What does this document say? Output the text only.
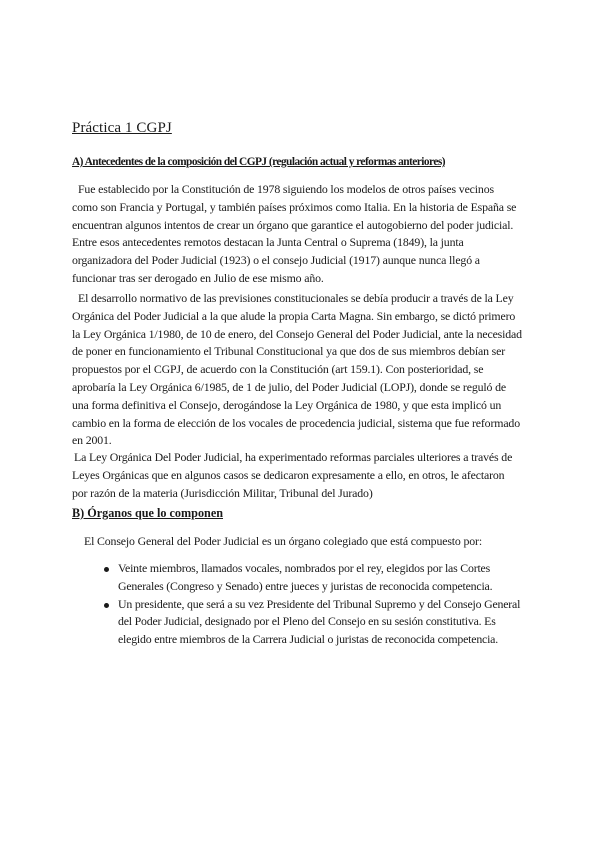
Práctica 1 CGPJ
A) Antecedentes de la composición del CGPJ (regulación actual y reformas anteriores)

Fue establecido por la Constitución de 1978 siguiendo los modelos de otros países vecinos como son Francia y Portugal, y también países próximos como Italia. En la historia de España se encuentran algunos intentos de crear un órgano que garantice el autogobierno del poder judicial. Entre esos antecedentes remotos destacan la Junta Central o Suprema (1849), la junta organizadora del Poder Judicial (1923) o el consejo Judicial (1917) aunque nunca llegó a funcionar tras ser derogado en Julio de ese mismo año.

El desarrollo normativo de las previsiones constitucionales se debía producir a través de la Ley Orgánica del Poder Judicial a la que alude la propia Carta Magna. Sin embargo, se dictó primero la Ley Orgánica 1/1980, de 10 de enero, del Consejo General del Poder Judicial, ante la necesidad de poner en funcionamiento el Tribunal Constitucional ya que dos de sus miembros debían ser propuestos por el CGPJ, de acuerdo con la Constitución (art 159.1). Con posterioridad, se aprobaría la Ley Orgánica 6/1985, de 1 de julio, del Poder Judicial (LOPJ), donde se reguló de una forma definitiva el Consejo, derogándose la Ley Orgánica de 1980, y que esta implicó un cambio en la forma de elección de los vocales de procedencia judicial, sistema que fue reformado en 2001.

La Ley Orgánica Del Poder Judicial, ha experimentado reformas parciales ulteriores a través de Leyes Orgánicas que en algunos casos se dedicaron expresamente a ello, en otros, le afectaron por razón de la materia (Jurisdicción Militar, Tribunal del Jurado)

B) Órganos que lo componen

El Consejo General del Poder Judicial es un órgano colegiado que está compuesto por:

Veinte miembros, llamados vocales, nombrados por el rey, elegidos por las Cortes Generales (Congreso y Senado) entre jueces y juristas de reconocida competencia.
Un presidente, que será a su vez Presidente del Tribunal Supremo y del Consejo General del Poder Judicial, designado por el Pleno del Consejo en su sesión constitutiva. Es elegido entre miembros de la Carrera Judicial o juristas de reconocida competencia.
